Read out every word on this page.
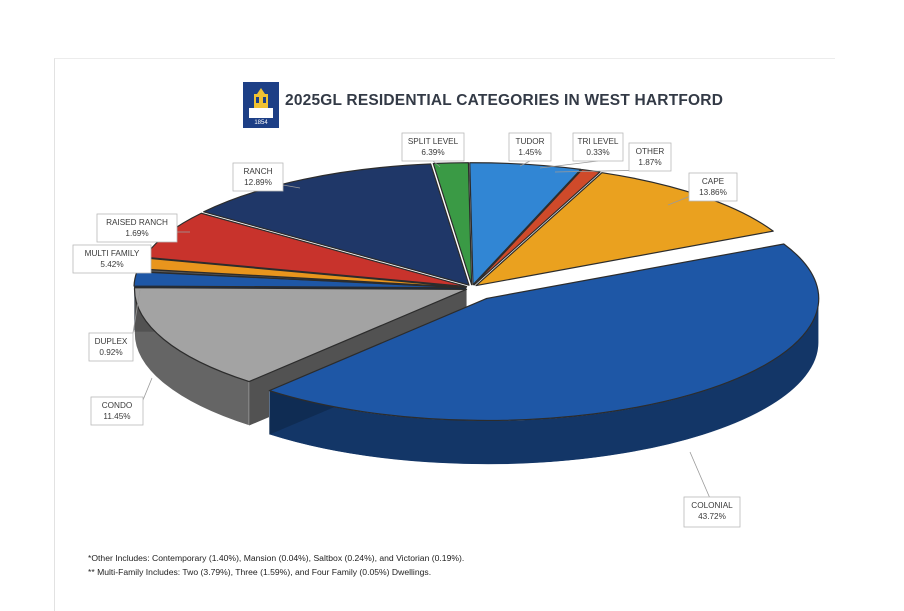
1854
2025GL RESIDENTIAL CATEGORIES IN WEST HARTFORD
COLONIAL
43.72%
CAPE
13.86%
OTHER
1.87%
TRI LEVEL
0.33%
TUDOR
1.45%
SPLIT LEVEL
6.39%
RANCH
12.89%
RAISED RANCH
1.69%
MULTI FAMILY
5.42%
DUPLEX
0.92%
CONDO
11.45%
*Other Includes: Contemporary (1.40%), Mansion (0.04%), Saltbox (0.24%), and Victorian (0.19%).
** Multi-Family Includes: Two (3.79%), Three (1.59%), and Four Family (0.05%) Dwellings.
